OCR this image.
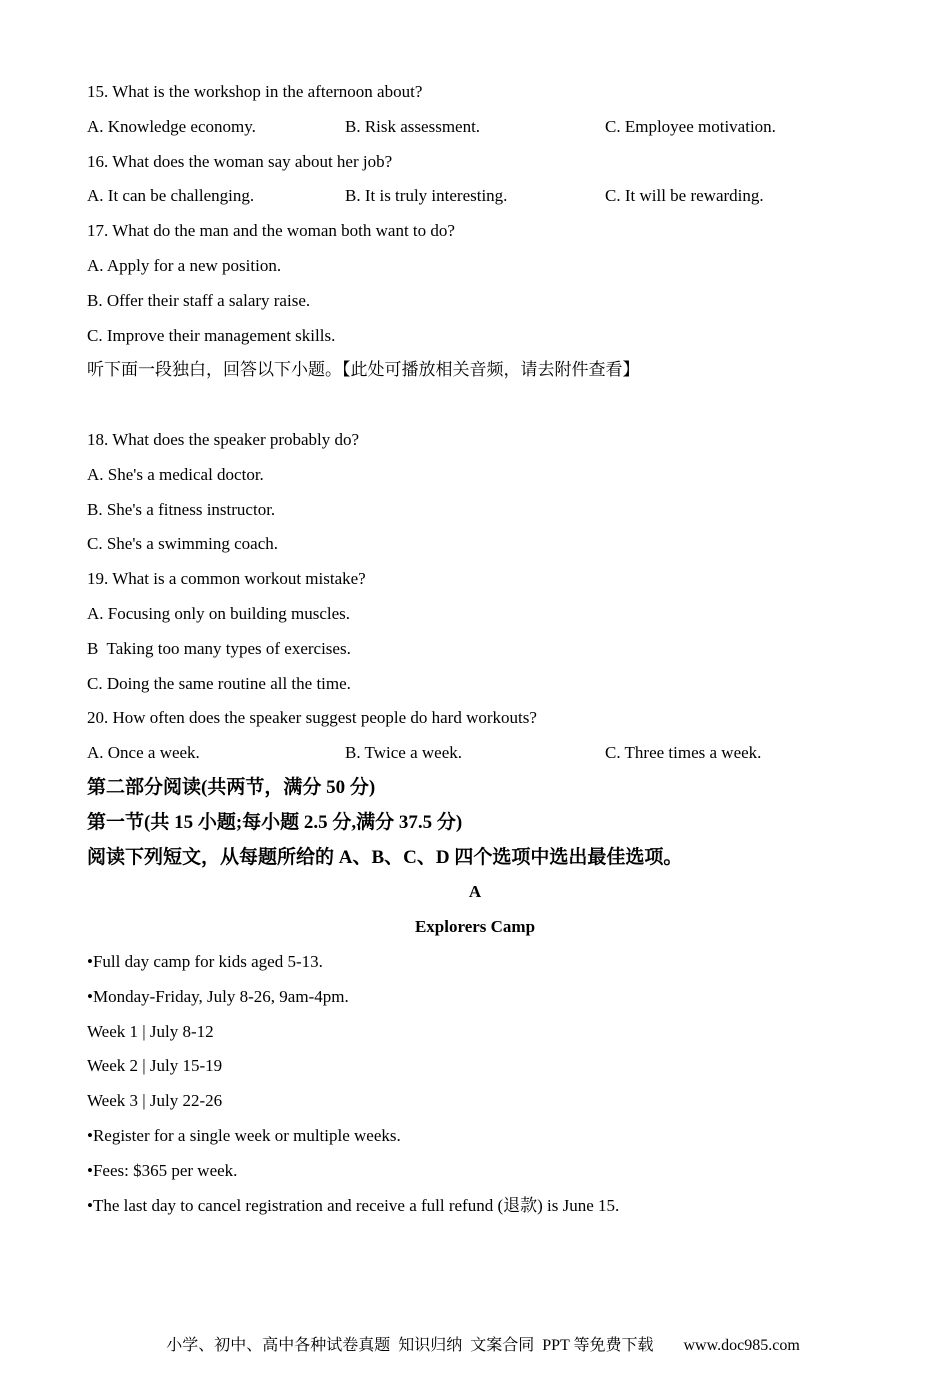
15. What is the workshop in the afternoon about?

A. Knowledge economy.

	B. Risk assessment.

	C. Employee motivation.

16. What does the woman say about her job?

A. It can be challenging.

	B. It is truly interesting.

	C. It will be rewarding.

17. What do the man and the woman both want to do?
A. Apply for a new position.
B. Offer their staff a salary raise.
C. Improve their management skills.
听下面一段独白，回答以下小题。【此处可播放相关音频，请去附件查看】
18. What does the speaker probably do?
A. She's a medical doctor.
B. She's a fitness instructor.
C. She's a swimming coach.
19. What is a common workout mistake?
A. Focusing only on building muscles.
B  Taking too many types of exercises.
C. Doing the same routine all the time.
20. How often does the speaker suggest people do hard workouts?

A. Once a week.

	B. Twice a week.

	C. Three times a week.

第二部分阅读(共两节，满分 50 分)
第一节(共 15 小题;每小题 2.5 分,满分 37.5 分)
阅读下列短文，从每题所给的 A、B、C、D 四个选项中选出最佳选项。
A
Explorers Camp
•Full day camp for kids aged 5-13.
•Monday-Friday, July 8-26, 9am-4pm.
Week 1 | July 8-12
Week 2 | July 15-19
Week 3 | July 22-26
•Register for a single week or multiple weeks.
•Fees: $365 per week.
•The last day to cancel registration and receive a full refund (退款) is June 15.

小学、初中、高中各种试卷真题  知识归纳  文案合同  PPT 等免费下载 www.doc985.com
